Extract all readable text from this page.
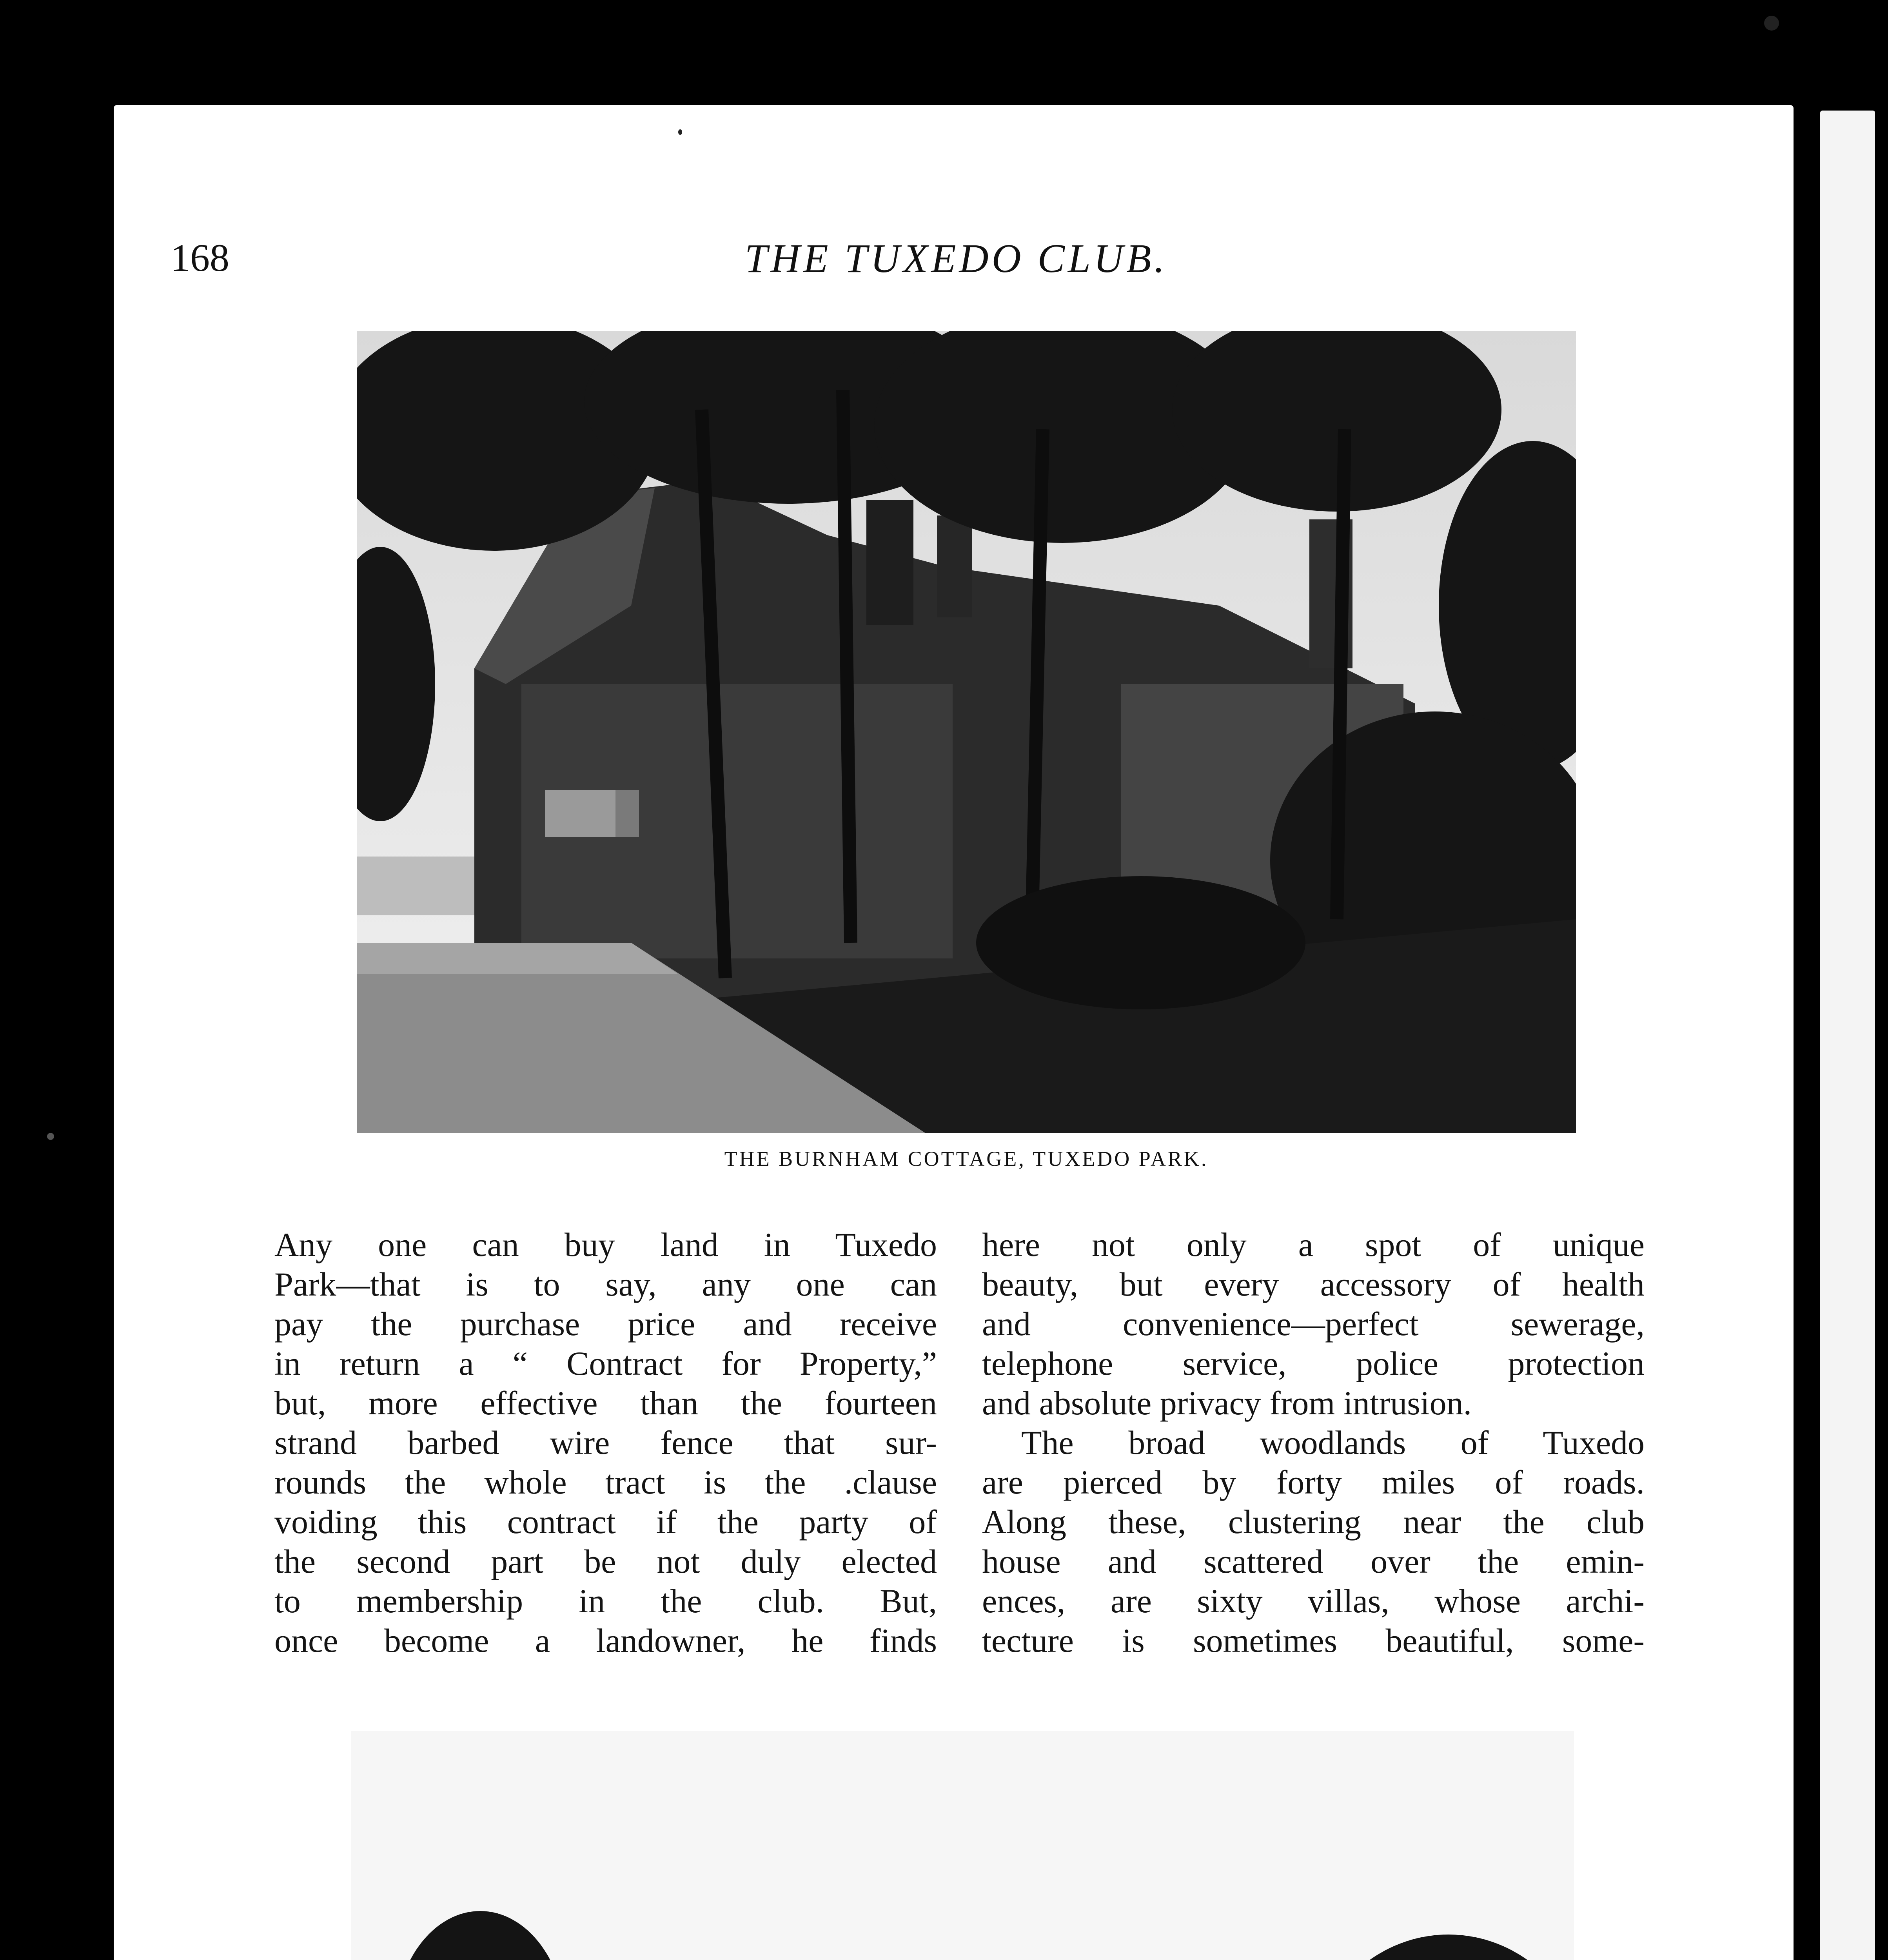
168	THE TUXEDO CLUB.

THE BURNHAM COTTAGE, TUXEDO PARK.

Any one can buy land in Tuxedo
Park—that is to say, any one can
pay the purchase price and receive
in return a “ Contract for Property,”
but, more effective than the fourteen
strand barbed wire fence that sur-
rounds the whole tract is the .clause
voiding this contract if the party of
the second part be not duly elected
to membership in the club. But,
once become a landowner, he finds
here not only a spot of unique
beauty, but every accessory of health
and convenience—perfect sewerage,
telephone service, police protection
and absolute privacy from intrusion.
The broad woodlands of Tuxedo
are pierced by forty miles of roads.
Along these, clustering near the club
house and scattered over the emin-
ences, are sixty villas, whose archi-
tecture is sometimes beautiful, some-
